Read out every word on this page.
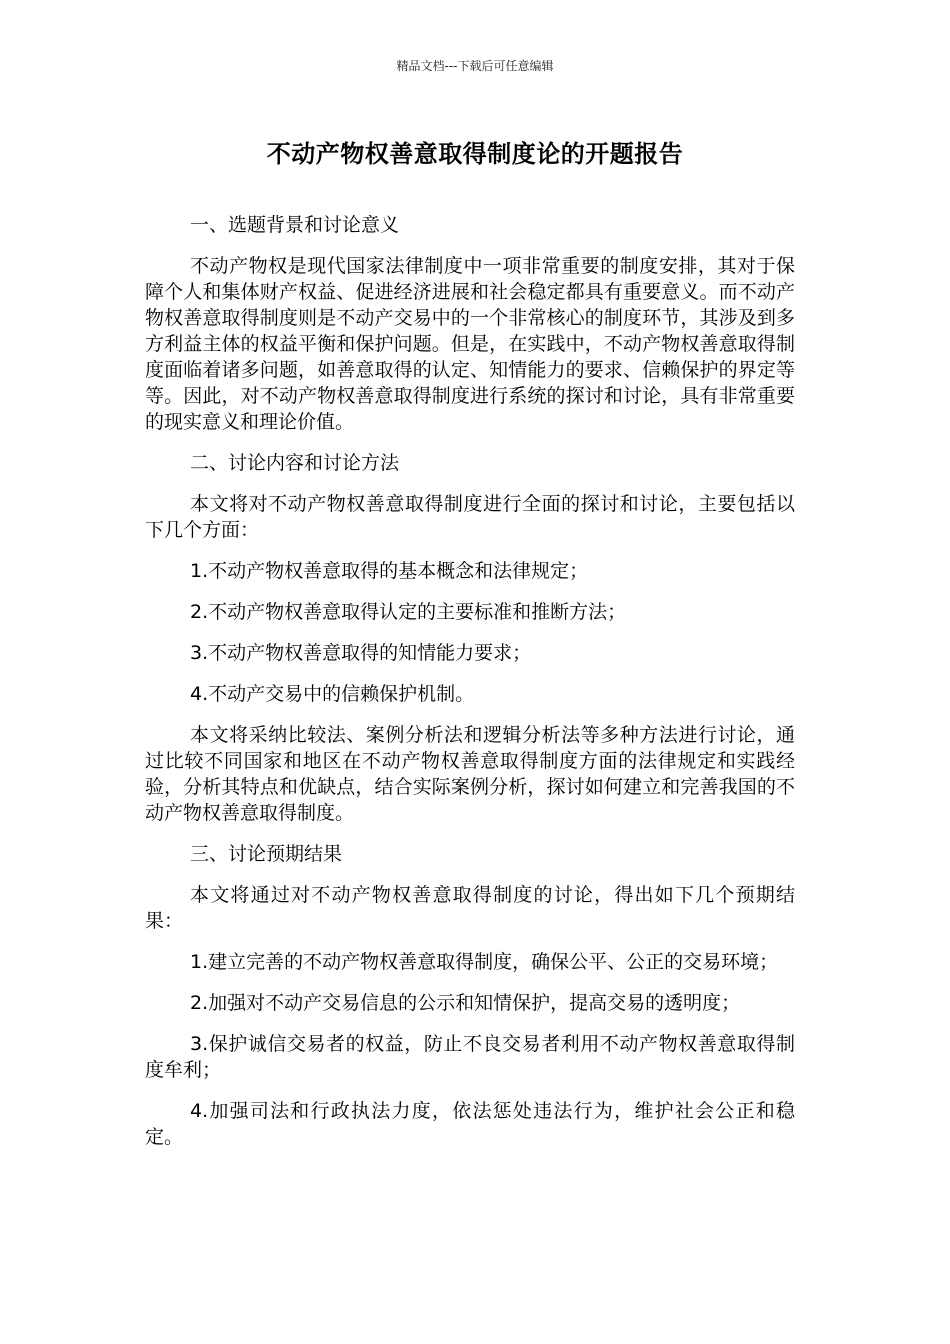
精品文档---下载后可任意编辑
不动产物权善意取得制度论的开题报告

一、选题背景和讨论意义

不动产物权是现代国家法律制度中一项非常重要的制度安排，其对于保障个人和集体财产权益、促进经济进展和社会稳定都具有重要意义。而不动产物权善意取得制度则是不动产交易中的一个非常核心的制度环节，其涉及到多方利益主体的权益平衡和保护问题。但是，在实践中，不动产物权善意取得制度面临着诸多问题，如善意取得的认定、知情能力的要求、信赖保护的界定等等。因此，对不动产物权善意取得制度进行系统的探讨和讨论，具有非常重要的现实意义和理论价值。

二、讨论内容和讨论方法

本文将对不动产物权善意取得制度进行全面的探讨和讨论，主要包括以下几个方面：

1.不动产物权善意取得的基本概念和法律规定；

2.不动产物权善意取得认定的主要标准和推断方法；

3.不动产物权善意取得的知情能力要求；

4.不动产交易中的信赖保护机制。

本文将采纳比较法、案例分析法和逻辑分析法等多种方法进行讨论，通过比较不同国家和地区在不动产物权善意取得制度方面的法律规定和实践经验，分析其特点和优缺点，结合实际案例分析，探讨如何建立和完善我国的不动产物权善意取得制度。

三、讨论预期结果

本文将通过对不动产物权善意取得制度的讨论，得出如下几个预期结果：

1.建立完善的不动产物权善意取得制度，确保公平、公正的交易环境；

2.加强对不动产交易信息的公示和知情保护，提高交易的透明度；

3.保护诚信交易者的权益，防止不良交易者利用不动产物权善意取得制度牟利；

4.加强司法和行政执法力度，依法惩处违法行为，维护社会公正和稳定。
